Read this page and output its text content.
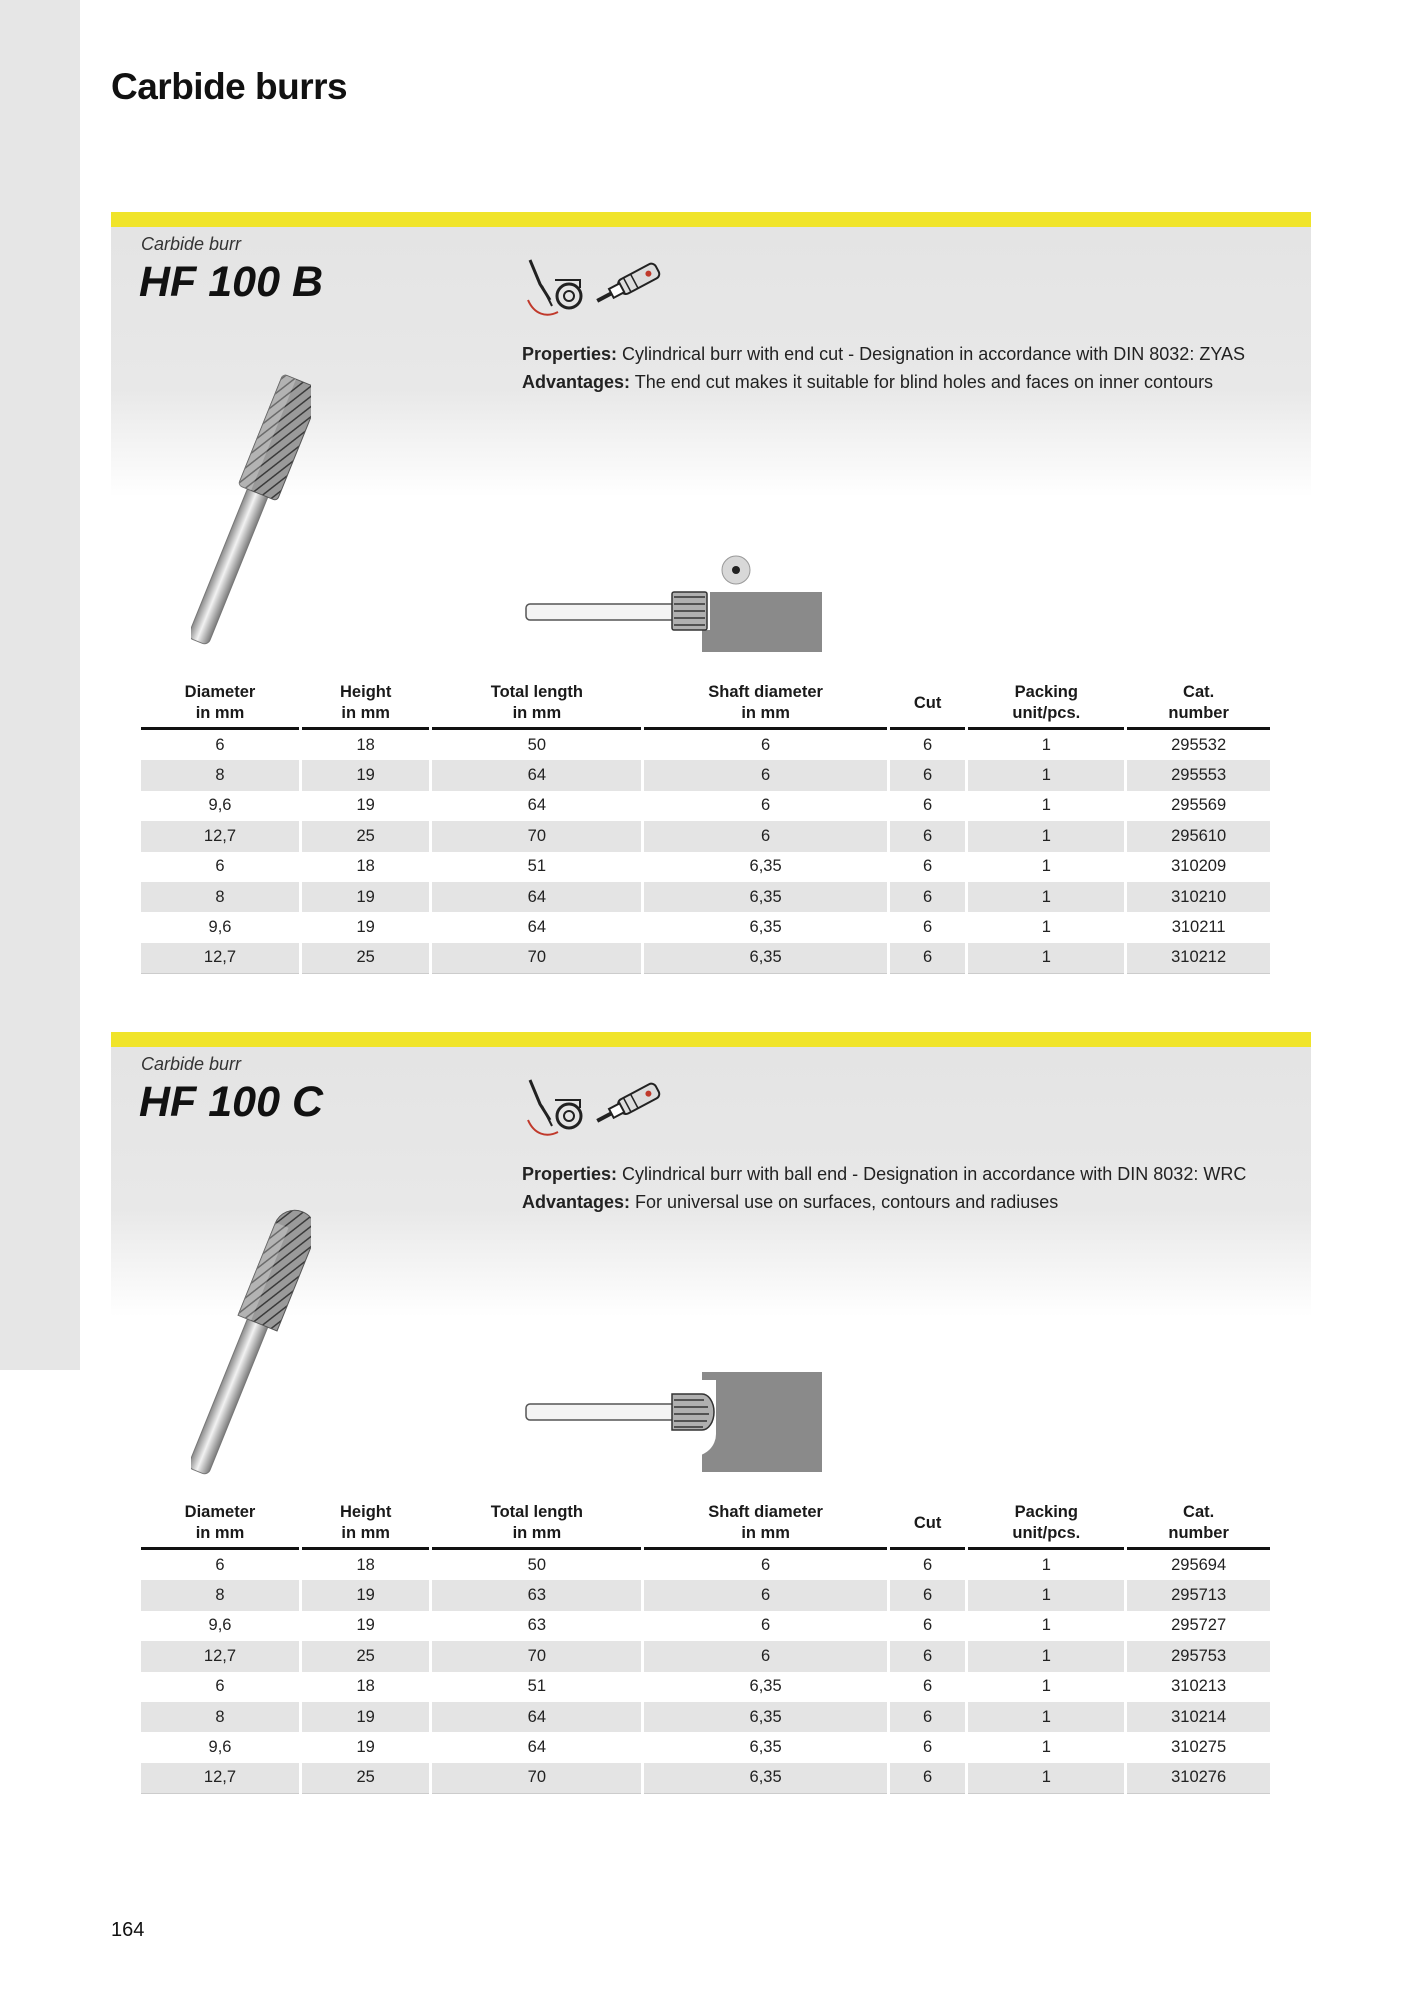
Carbide burrs
Carbide burr
HF 100 B

Properties: Cylindrical burr with end cut - Designation in accordance with DIN 8032: ZYAS

Advantages: The end cut makes it suitable for blind holes and faces on inner contours

Diameter
in mm	Height
in mm	Total length
in mm	Shaft diameter
in mm	Cut	Packing
unit/pcs.	Cat.
number
6	18	50	6	6	1	295532
8	19	64	6	6	1	295553
9,6	19	64	6	6	1	295569
12,7	25	70	6	6	1	295610
6	18	51	6,35	6	1	310209
8	19	64	6,35	6	1	310210
9,6	19	64	6,35	6	1	310211
12,7	25	70	6,35	6	1	310212
Carbide burr
HF 100 C

Properties: Cylindrical burr with ball end - Designation in accordance with DIN 8032: WRC

Advantages: For universal use on surfaces, contours and radiuses

Diameter
in mm	Height
in mm	Total length
in mm	Shaft diameter
in mm	Cut	Packing
unit/pcs.	Cat.
number
6	18	50	6	6	1	295694
8	19	63	6	6	1	295713
9,6	19	63	6	6	1	295727
12,7	25	70	6	6	1	295753
6	18	51	6,35	6	1	310213
8	19	64	6,35	6	1	310214
9,6	19	64	6,35	6	1	310275
12,7	25	70	6,35	6	1	310276
164
